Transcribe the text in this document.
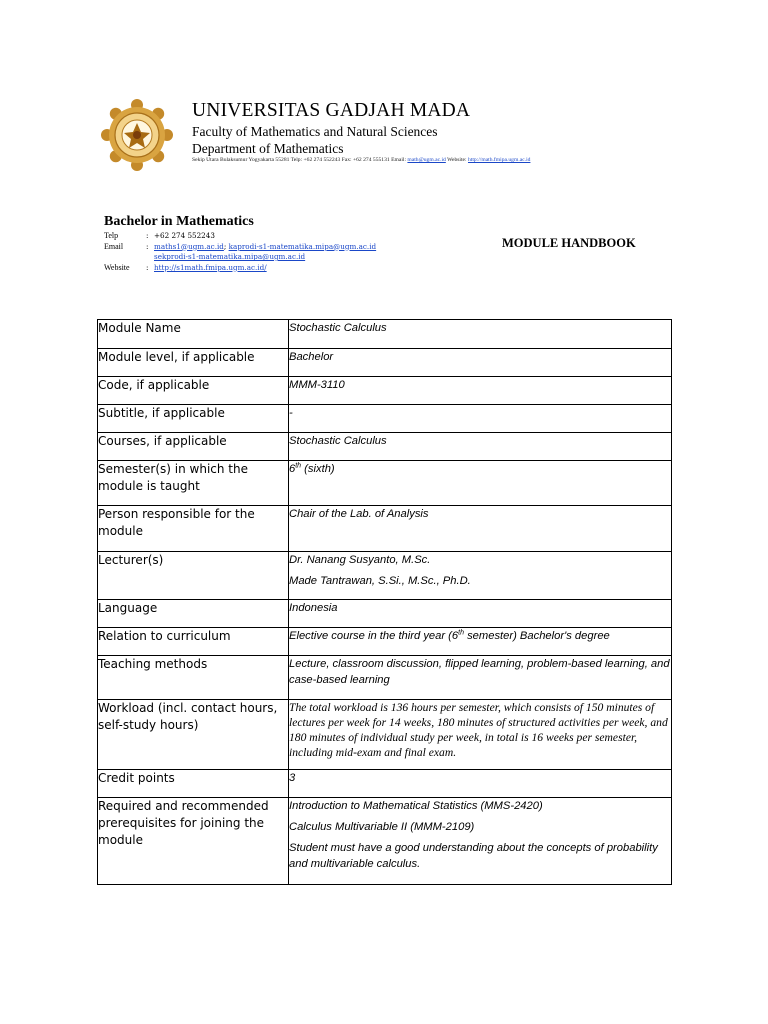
UNIVERSITAS GADJAH MADA
Faculty of Mathematics and Natural Sciences
Department of Mathematics
Sekip Utara Bulaksumur Yogyakarta 55281 Telp: +62 274 552243 Fax: +62 274 555131 Email: math@ugm.ac.id Website: http://math.fmipa.ugm.ac.id
Bachelor in Mathematics
MODULE HANDBOOK
Telp	: +62 274 552243
Email	: maths1@ugm.ac.id ;
kaprodi-s1-matematika.mipa@ugm.ac.id
sekprodi-s1-matematika.mipa@ugm.ac.id
Website	: http://s1math.fmipa.ugm.ac.id/
Module Name	Stochastic Calculus
Module level, if applicable	Bachelor
Code, if applicable	MMM-3110
Subtitle, if applicable	-
Courses, if applicable	Stochastic Calculus
Semester(s) in which the module is taught	6th (sixth)
Person responsible for the module	Chair of the Lab. of Analysis
Lecturer(s)	Dr. Nanang Susyanto, M.Sc.

Made Tantrawan, S.Si., M.Sc., Ph.D.

Language	Indonesia
Relation to curriculum	Elective course in the third year (6th semester) Bachelor's degree
Teaching methods	Lecture, classroom discussion, flipped learning, problem-based learning, and case-based learning
Workload (incl. contact hours, self-study hours)	The total workload is 136 hours per semester, which consists of 150 minutes of lectures per week for 14 weeks, 180 minutes of structured activities per week, and 180 minutes of individual study per week, in total is 16 weeks per semester, including mid-exam and final exam.

Credit points	3
Required and recommended prerequisites for joining the module	Introduction to Mathematical Statistics (MMS-2420)

Calculus Multivariable II (MMM-2109)

Student must have a good understanding about the concepts of probability and multivariable calculus.
